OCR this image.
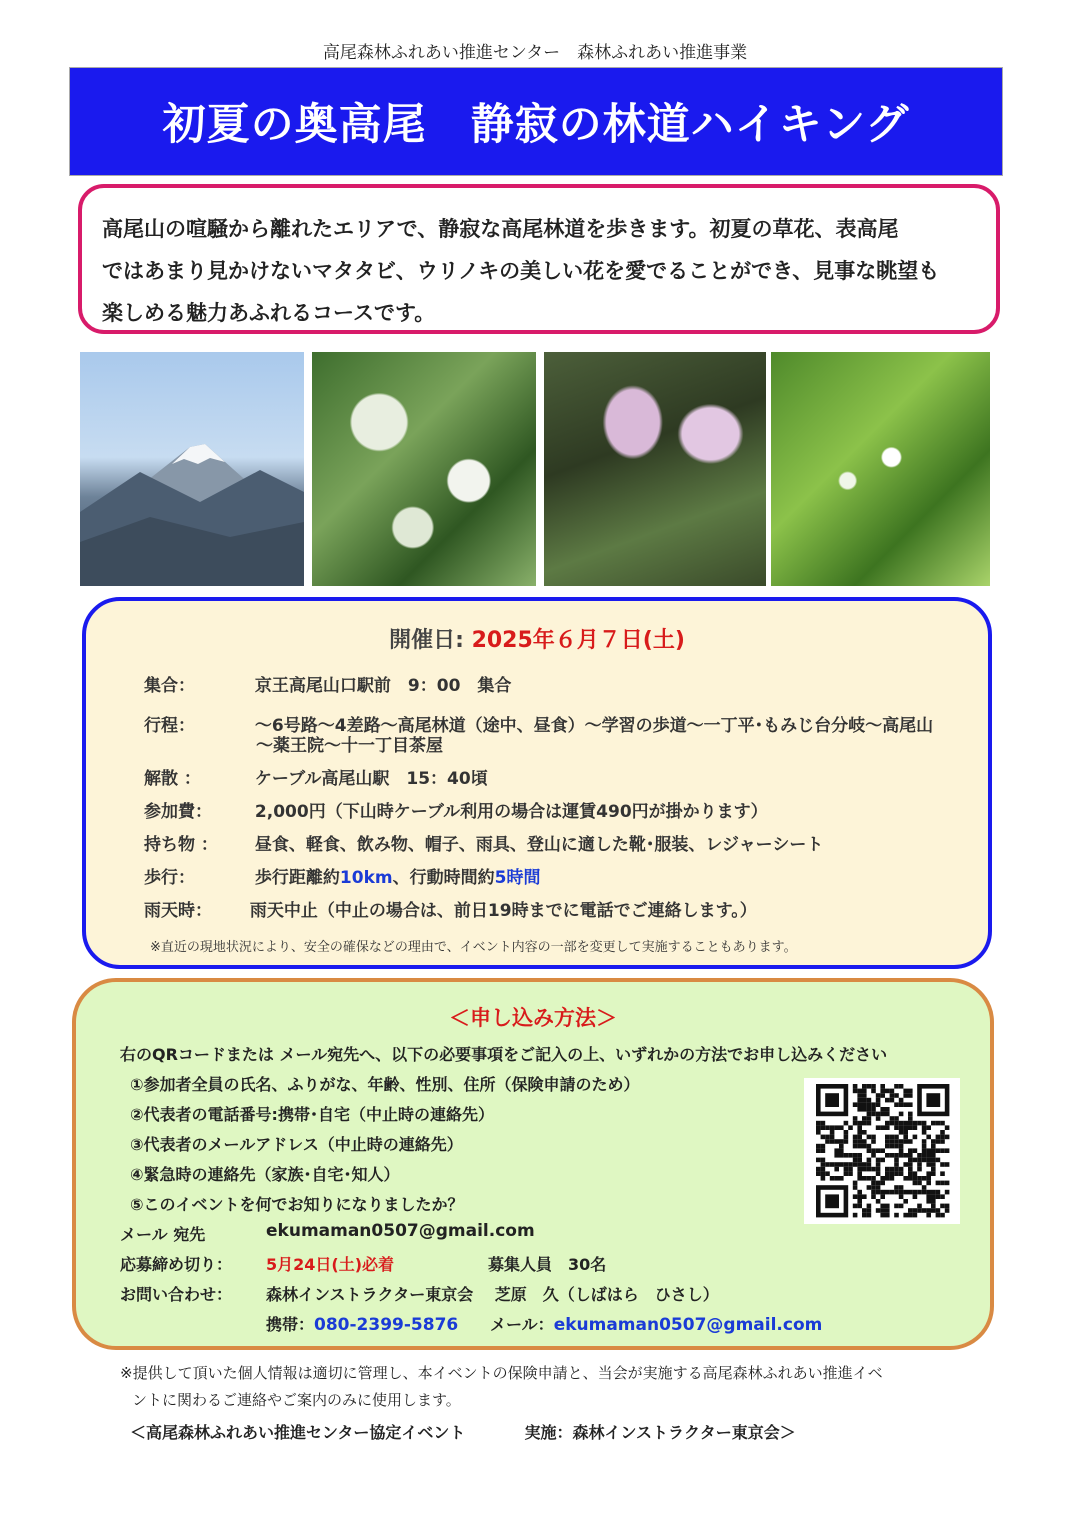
高尾森林ふれあい推進センター　森林ふれあい推進事業
初夏の奥高尾　静寂の林道ハイキング
高尾山の喧騒から離れたエリアで、静寂な高尾林道を歩きます。初夏の草花、表高尾
ではあまり見かけないマタタビ、ウリノキの美しい花を愛でることができ、見事な眺望も
楽しめる魅力あふれるコースです。
開催日: 2025年６月７日(土)
集合：	京王高尾山口駅前　9：00　集合
行程：	～6号路～4差路～高尾林道（途中、昼食）～学習の歩道～一丁平･もみじ台分岐～高尾山
～薬王院～十一丁目茶屋
解散 ：	ケーブル高尾山駅　15：40頃
参加費：	2,000円（下山時ケーブル利用の場合は運賃490円が掛かります）
持ち物 ： 昼食、軽食、飲み物、帽子、雨具、登山に適した靴･服装、レジャーシート
歩行：	歩行距離約10km、行動時間約5時間
雨天時： 雨天中止（中止の場合は、前日19時までに電話でご連絡します。）
※直近の現地状況により、安全の確保などの理由で、イベント内容の一部を変更して実施することもあります。
＜申し込み方法＞
右のQRコードまたは メール宛先へ、以下の必要事項をご記入の上、いずれかの方法でお申し込みください
①参加者全員の氏名、ふりがな、年齢、性別、住所（保険申請のため）
②代表者の電話番号:携帯･自宅（中止時の連絡先）
③代表者のメールアドレス（中止時の連絡先）
④緊急時の連絡先（家族･自宅･知人）
⑤このイベントを何でお知りになりましたか？
メール 宛先	ekumaman0507@gmail.com
応募締め切り： 5月24日(土)必着	募集人員　30名
お問い合わせ： 森林インストラクター東京会　 芝原　久（しばはら　ひさし）
携帯：080-2399-5876 メール：ekumaman0507@gmail.com
※提供して頂いた個人情報は適切に管理し、本イベントの保険申請と、当会が実施する高尾森林ふれあい推進イベ
ントに関わるご連絡やご案内のみに使用します。
＜高尾森林ふれあい推進センター協定イベント	実施：森林インストラクター東京会＞
